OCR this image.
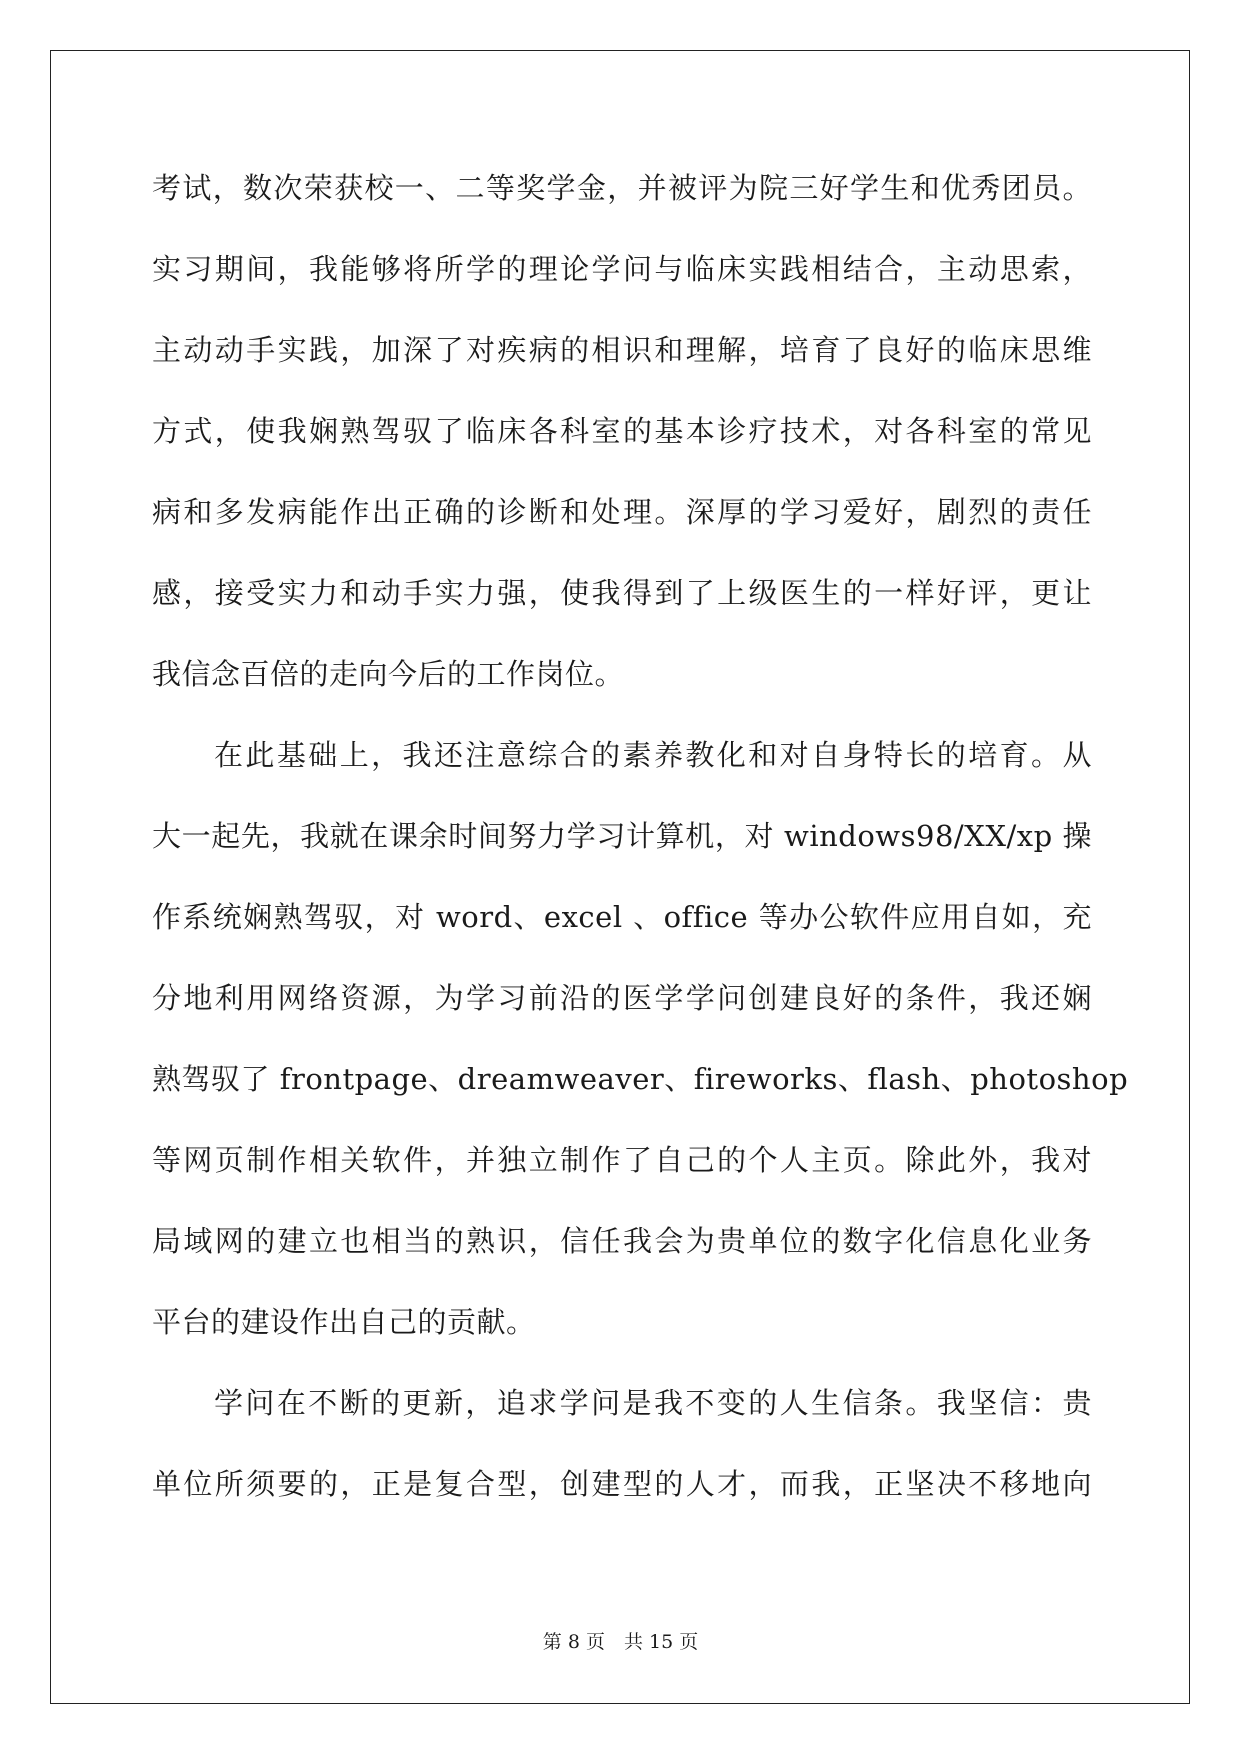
考试，数次荣获校一、二等奖学金，并被评为院三好学生和优秀团员。

实习期间，我能够将所学的理论学问与临床实践相结合，主动思索，

主动动手实践，加深了对疾病的相识和理解，培育了良好的临床思维

方式，使我娴熟驾驭了临床各科室的基本诊疗技术，对各科室的常见

病和多发病能作出正确的诊断和处理。深厚的学习爱好，剧烈的责任

感，接受实力和动手实力强，使我得到了上级医生的一样好评，更让

我信念百倍的走向今后的工作岗位。

在此基础上，我还注意综合的素养教化和对自身特长的培育。从

大一起先，我就在课余时间努力学习计算机，对 windows98/XX/xp 操

作系统娴熟驾驭，对 word、excel 、office 等办公软件应用自如，充

分地利用网络资源，为学习前沿的医学学问创建良好的条件，我还娴

熟驾驭了 frontpage、dreamweaver、fireworks、flash、photoshop

等网页制作相关软件，并独立制作了自己的个人主页。除此外，我对

局域网的建立也相当的熟识，信任我会为贵单位的数字化信息化业务

平台的建设作出自己的贡献。

学问在不断的更新，追求学问是我不变的人生信条。我坚信：贵

单位所须要的，正是复合型，创建型的人才，而我，正坚决不移地向

第 8 页　共 15 页
